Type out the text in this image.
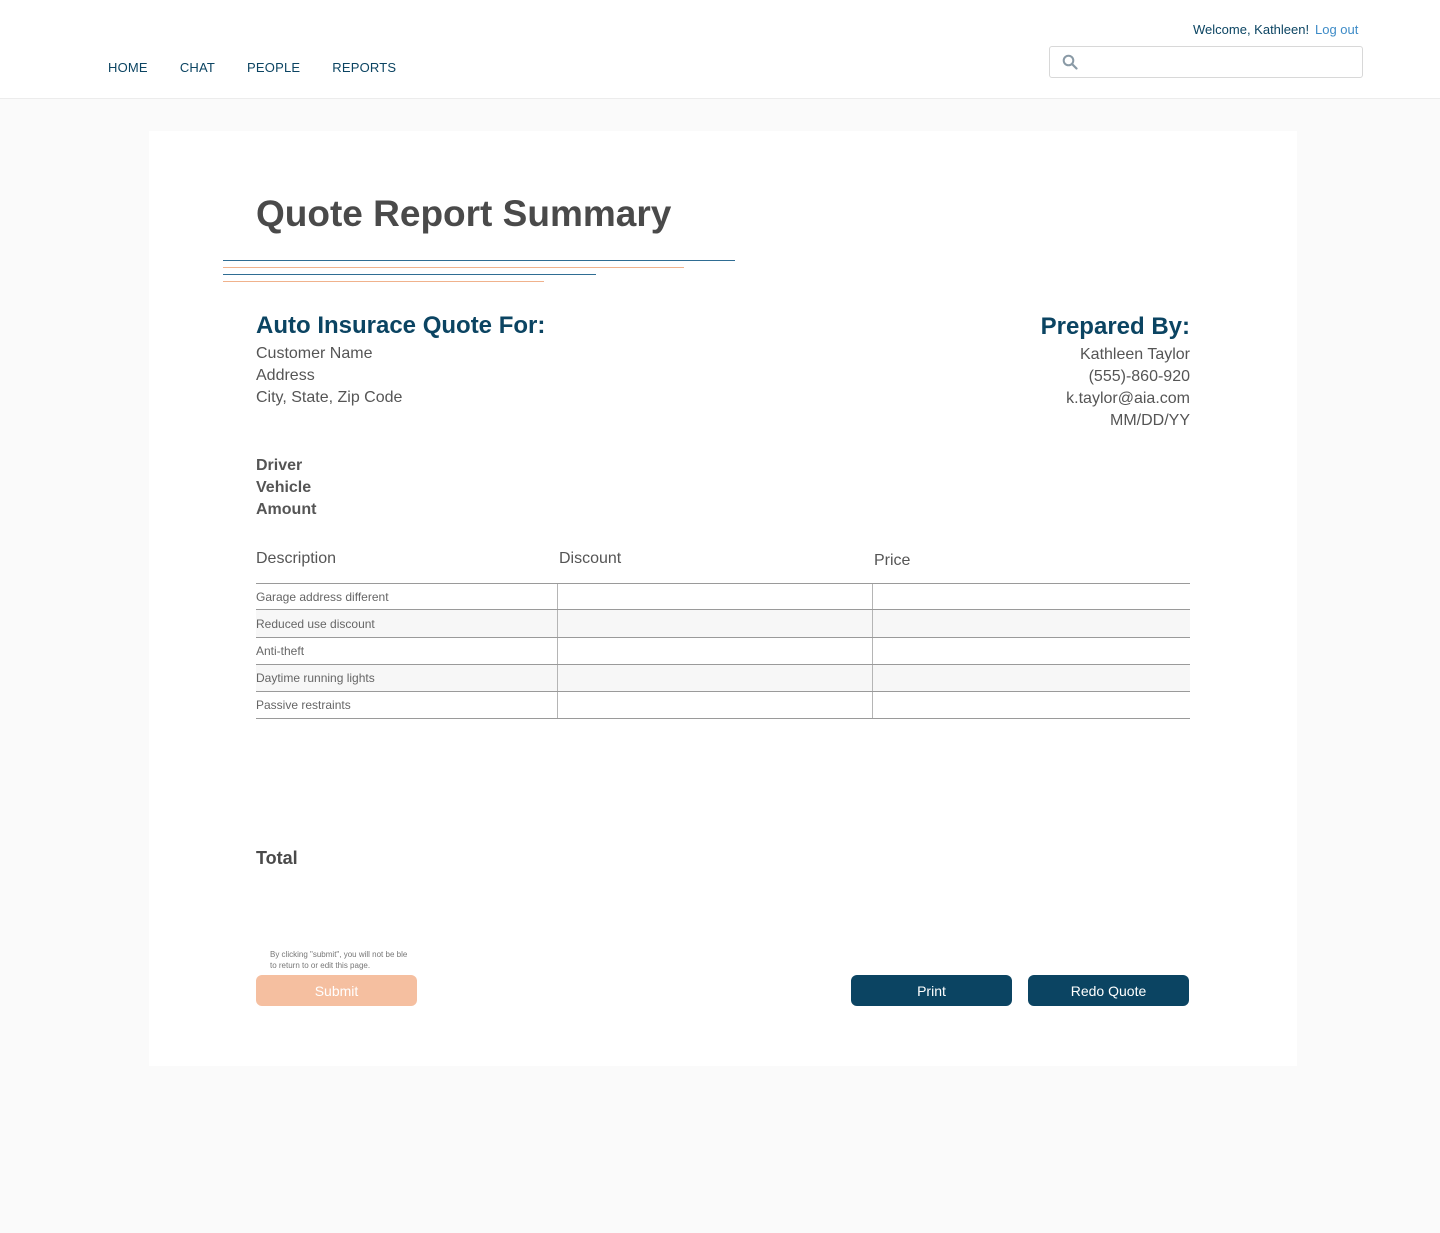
Welcome, Kathleen! Log out
HOME CHAT PEOPLE REPORTS
Quote Report Summary
Auto Insurace Quote For:
Customer Name
Address
City, State, Zip Code
Prepared By:
Kathleen Taylor
(555)-860-920
k.taylor@aia.com
MM/DD/YY
Driver
Vehicle
Amount
Description	Discount	Price
Garage address different
Reduced use discount
Anti-theft
Daytime running lights
Passive restraints
Total

By clicking "submit", you will not be ble to return to or edit this page.

Submit	Print	Redo Quote
